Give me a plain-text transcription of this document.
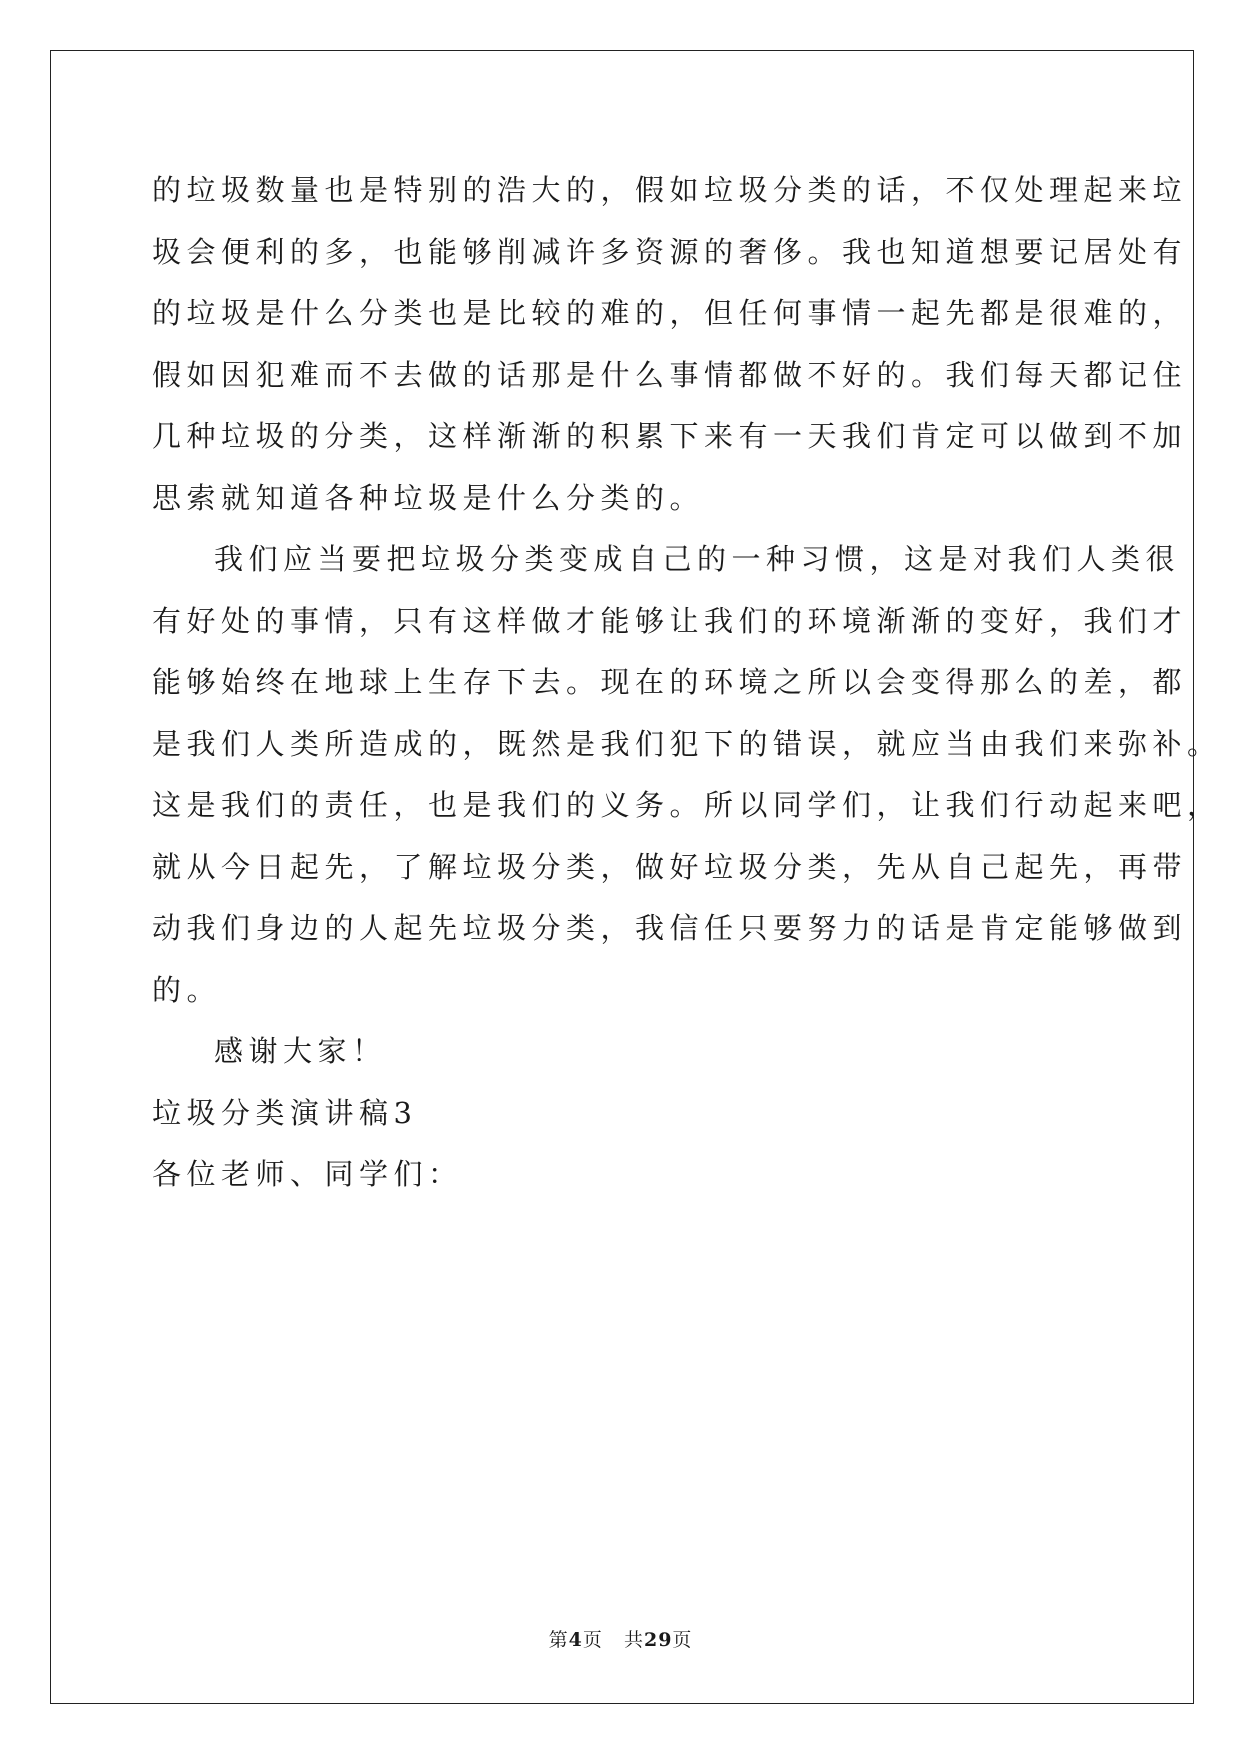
的垃圾数量也是特别的浩大的，假如垃圾分类的话，不仅处理起来垃
圾会便利的多，也能够削减许多资源的奢侈。我也知道想要记居处有
的垃圾是什么分类也是比较的难的，但任何事情一起先都是很难的，
假如因犯难而不去做的话那是什么事情都做不好的。我们每天都记住
几种垃圾的分类，这样渐渐的积累下来有一天我们肯定可以做到不加
思索就知道各种垃圾是什么分类的。
我们应当要把垃圾分类变成自己的一种习惯，这是对我们人类很
有好处的事情，只有这样做才能够让我们的环境渐渐的变好，我们才
能够始终在地球上生存下去。现在的环境之所以会变得那么的差，都
是我们人类所造成的，既然是我们犯下的错误，就应当由我们来弥补。
这是我们的责任，也是我们的义务。所以同学们，让我们行动起来吧，
就从今日起先，了解垃圾分类，做好垃圾分类，先从自己起先，再带
动我们身边的人起先垃圾分类，我信任只要努力的话是肯定能够做到
的。
感谢大家！
垃圾分类演讲稿3
各位老师、同学们：
第4页 共29页
